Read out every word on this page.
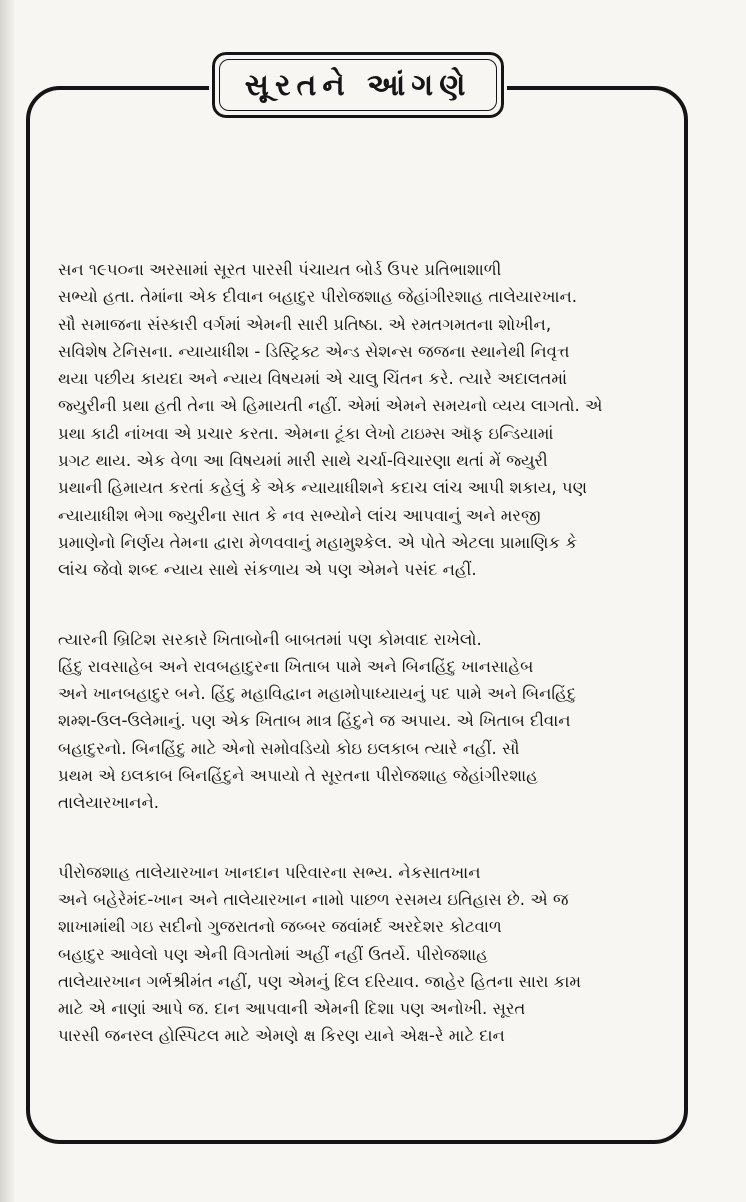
સૂરતને આંગણે
સન ૧૯૫૦ના અરસામાં સૂરત પારસી પંચાયત બોર્ડ ઉપર પ્રતિભાશાળી
સભ્યો હતા. તેમાંના એક દીવાન બહાદુર પીરોજશાહ જેહાંગીરશાહ તાલેયારખાન.
સૌ સમાજના સંસ્કારી વર્ગમાં એમની સારી પ્રતિષ્ઠા. એ રમતગમતના શોખીન,
સવિશેષ ટેનિસના. ન્યાયાધીશ - ડિસ્ટ્રિક્ટ એન્ડ સેશન્સ જજના સ્થાનેથી નિવૃત્ત
થયા પછીય કાયદા અને ન્યાય વિષયમાં એ ચાલુ ચિંતન કરે. ત્યારે અદાલતમાં
જ્યુરીની પ્રથા હતી તેના એ હિમાયતી નહીં. એમાં એમને સમયનો વ્યય લાગતો. એ
પ્રથા કાઢી નાંખવા એ પ્રચાર કરતા. એમના ટૂંકા લેખો ટાઇમ્સ ઑફ ઇન્ડિયામાં
પ્રગટ થાય. એક વેળા આ વિષયમાં મારી સાથે ચર્ચા-વિચારણા થતાં મેં જ્યુરી
પ્રથાની હિમાયત કરતાં કહેલું કે એક ન્યાયાધીશને કદાચ લાંચ આપી શકાય, પણ
ન્યાયાધીશ ભેગા જ્યુરીના સાત કે નવ સભ્યોને લાંચ આપવાનું અને મરજી
પ્રમાણેનો નિર્ણય તેમના દ્વારા મેળવવાનું મહામુશ્કેલ. એ પોતે એટલા પ્રામાણિક કે
લાંચ જેવો શબ્દ ન્યાય સાથે સંકળાય એ પણ એમને પસંદ નહીં.
ત્યારની બ્રિટિશ સરકારે ખિતાબોની બાબતમાં પણ કોમવાદ રાખેલો.
હિંદુ રાવસાહેબ અને રાવબહાદુરના ખિતાબ પામે અને બિનહિંદુ ખાનસાહેબ
અને ખાનબહાદુર બને. હિંદુ મહાવિદ્વાન મહામોપાધ્યાયનું પદ પામે અને બિનહિંદુ
શમ્શ-ઉલ-ઉલેમાનું. પણ એક ખિતાબ માત્ર હિંદુને જ અપાય. એ ખિતાબ દીવાન
બહાદુરનો. બિનહિંદુ માટે એનો સમોવડિયો કોઇ ઇલકાબ ત્યારે નહીં. સૌ
પ્રથમ એ ઇલકાબ બિનહિંદુને અપાયો તે સૂરતના પીરોજશાહ જેહાંગીરશાહ
તાલેયારખાનને.
પીરોજશાહ તાલેયારખાન ખાનદાન પરિવારના સભ્ય. નેકસાતખાન
અને બહેરેમંદ-ખાન અને તાલેયારખાન નામો પાછળ રસમય ઇતિહાસ છે. એ જ
શાખામાંથી ગઇ સદીનો ગુજરાતનો જબ્બર જવાંમર્દ અરદેશર કોટવાળ
બહાદુર આવેલો પણ એની વિગતોમાં અહીં નહીં ઉતર્યે. પીરોજશાહ
તાલેયારખાન ગર્ભશ્રીમંત નહીં, પણ એમનું દિલ દરિયાવ. જાહેર હિતના સારા કામ
માટે એ નાણાં આપે જ. દાન આપવાની એમની દિશા પણ અનોખી. સૂરત
પારસી જનરલ હોસ્પિટલ માટે એમણે ક્ષ કિરણ યાને એક્ષ-રે માટે દાન
